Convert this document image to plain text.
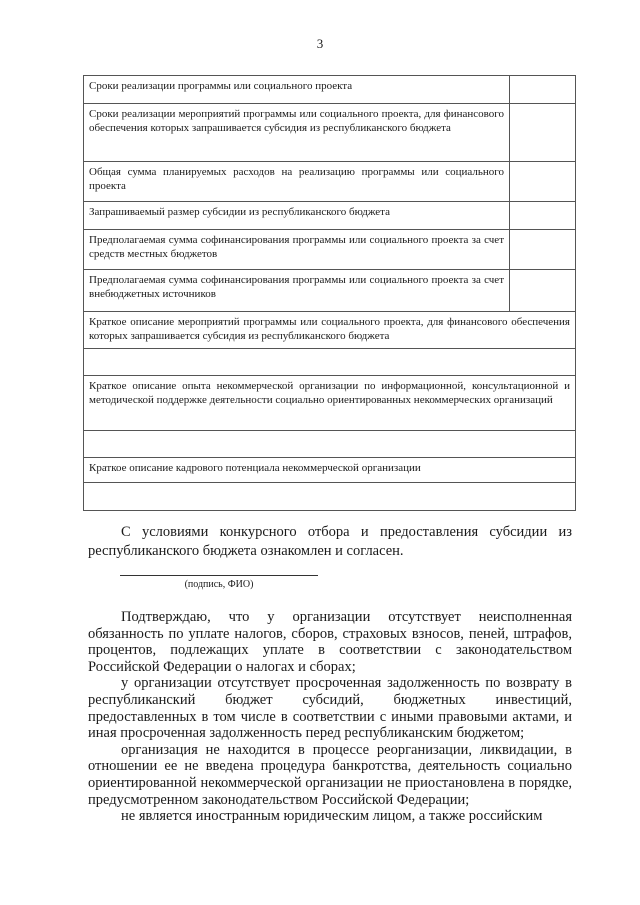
3
Сроки реализации программы или социального проекта	
Сроки реализации мероприятий программы или социального проекта, для финансового обеспечения которых запрашивается субсидия из республиканского бюджета	
Общая сумма планируемых расходов на реализацию программы или социального проекта	
Запрашиваемый размер субсидии из республиканского бюджета	
Предполагаемая сумма софинансирования программы или социального проекта за счет средств местных бюджетов	
Предполагаемая сумма софинансирования программы или социального проекта за счет внебюджетных источников	
Краткое описание мероприятий программы или социального проекта, для финансового обеспечения которых запрашивается субсидия из республиканского бюджета	

Краткое описание опыта некоммерческой организации по информационной, консультационной и методической поддержке деятельности социально ориентированных некоммерческих организаций	

Краткое описание кадрового потенциала некоммерческой организации	

С условиями конкурсного отбора и предоставления субсидии из республиканского бюджета ознакомлен и согласен.

(подпись, ФИО)

Подтверждаю, что у организации отсутствует неисполненная обязанность по уплате налогов, сборов, страховых взносов, пеней, штрафов, процентов, подлежащих уплате в соответствии с законодательством Российской Федерации о налогах и сборах;

у организации отсутствует просроченная задолженность по возврату в республиканский бюджет субсидий, бюджетных инвестиций, предоставленных в том числе в соответствии с иными правовыми актами, и иная просроченная задолженность перед республиканским бюджетом;

организация не находится в процессе реорганизации, ликвидации, в отношении ее не введена процедура банкротства, деятельность социально ориентированной некоммерческой организации не приостановлена в порядке, предусмотренном законодательством Российской Федерации;

не является иностранным юридическим лицом, а также российским
